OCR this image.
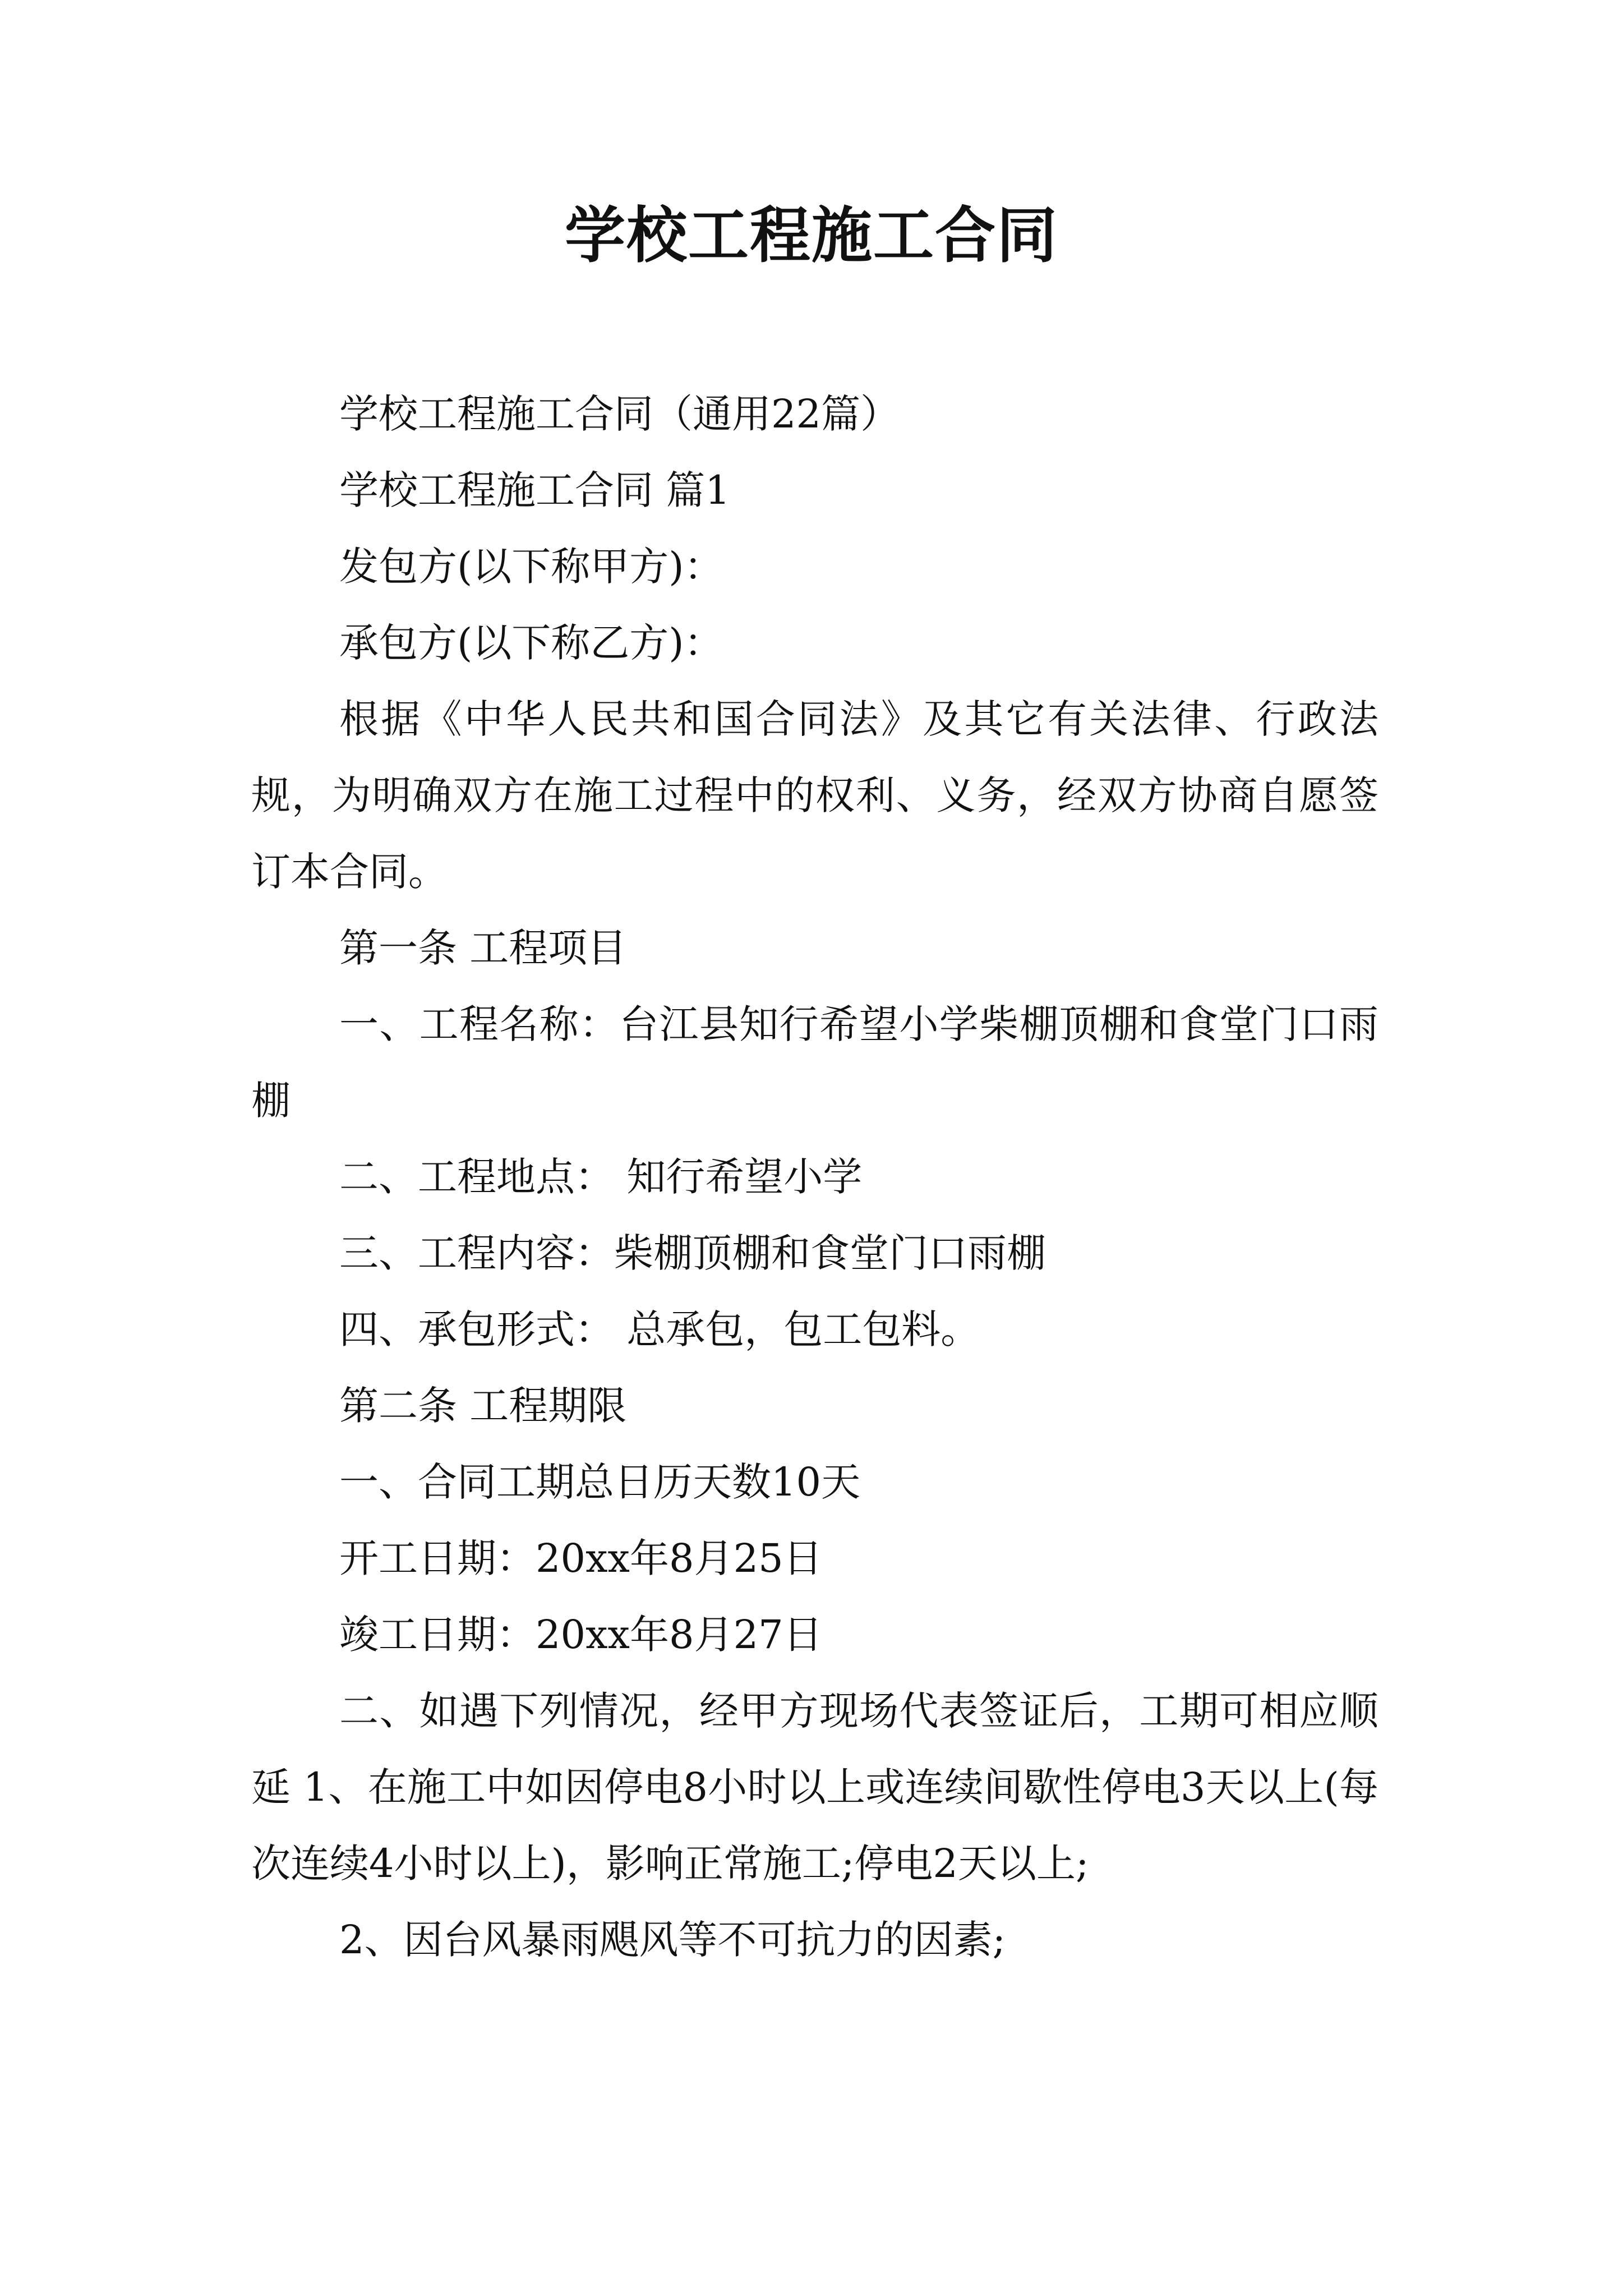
学校工程施工合同

学校工程施工合同（通用22篇）

学校工程施工合同 篇1

发包方(以下称甲方)：

承包方(以下称乙方)：

根据《中华人民共和国合同法》及其它有关法律、行政法规，为明确双方在施工过程中的权利、义务，经双方协商自愿签订本合同。

第一条 工程项目

一、工程名称：台江县知行希望小学柴棚顶棚和食堂门口雨棚

二、工程地点： 知行希望小学

三、工程内容：柴棚顶棚和食堂门口雨棚

四、承包形式： 总承包，包工包料。

第二条 工程期限

一、合同工期总日历天数10天

开工日期：20xx年8月25日

竣工日期：20xx年8月27日

二、如遇下列情况，经甲方现场代表签证后，工期可相应顺延 1、在施工中如因停电8小时以上或连续间歇性停电3天以上(每次连续4小时以上)，影响正常施工;停电2天以上;

2、因台风暴雨飓风等不可抗力的因素;
